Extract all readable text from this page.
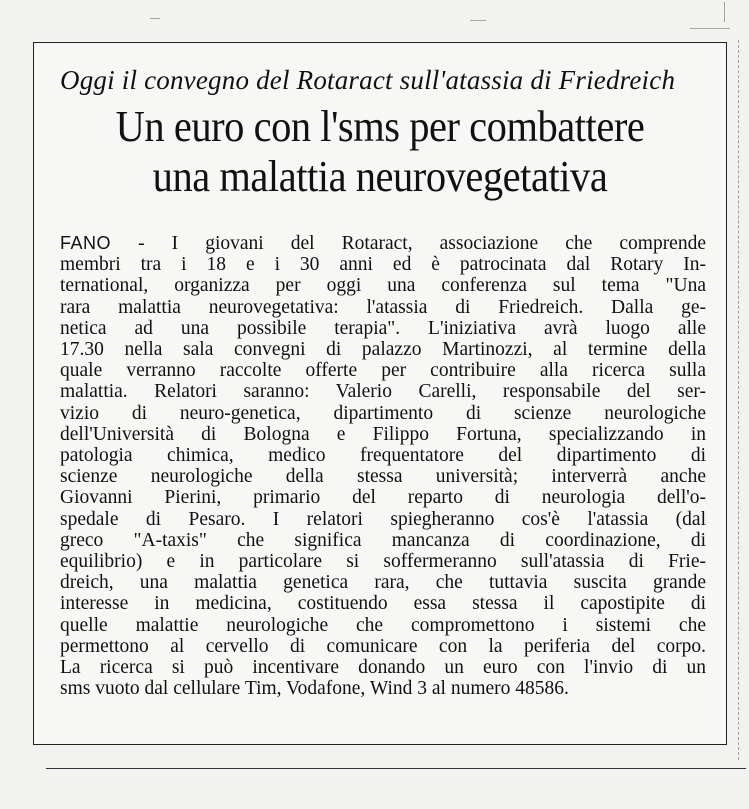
Oggi il convegno del Rotaract sull'atassia di Friedreich
Un euro con l'sms per combattere
una malattia neurovegetativa
FANO - I giovani del Rotaract, associazione che comprende
membri tra i 18 e i 30 anni ed è patrocinata dal Rotary In-
ternational, organizza per oggi una conferenza sul tema "Una
rara malattia neurovegetativa: l'atassia di Friedreich. Dalla ge-
netica ad una possibile terapia". L'iniziativa avrà luogo alle
17.30 nella sala convegni di palazzo Martinozzi, al termine della
quale verranno raccolte offerte per contribuire alla ricerca sulla
malattia. Relatori saranno: Valerio Carelli, responsabile del ser-
vizio di neuro-genetica, dipartimento di scienze neurologiche
dell'Università di Bologna e Filippo Fortuna, specializzando in
patologia chimica, medico frequentatore del dipartimento di
scienze neurologiche della stessa università; interverrà anche
Giovanni Pierini, primario del reparto di neurologia dell'o-
spedale di Pesaro. I relatori spiegheranno cos'è l'atassia (dal
greco "A-taxis" che significa mancanza di coordinazione, di
equilibrio) e in particolare si soffermeranno sull'atassia di Frie-
dreich, una malattia genetica rara, che tuttavia suscita grande
interesse in medicina, costituendo essa stessa il capostipite di
quelle malattie neurologiche che compromettono i sistemi che
permettono al cervello di comunicare con la periferia del corpo.
La ricerca si può incentivare donando un euro con l'invio di un
sms vuoto dal cellulare Tim, Vodafone, Wind 3 al numero 48586.
